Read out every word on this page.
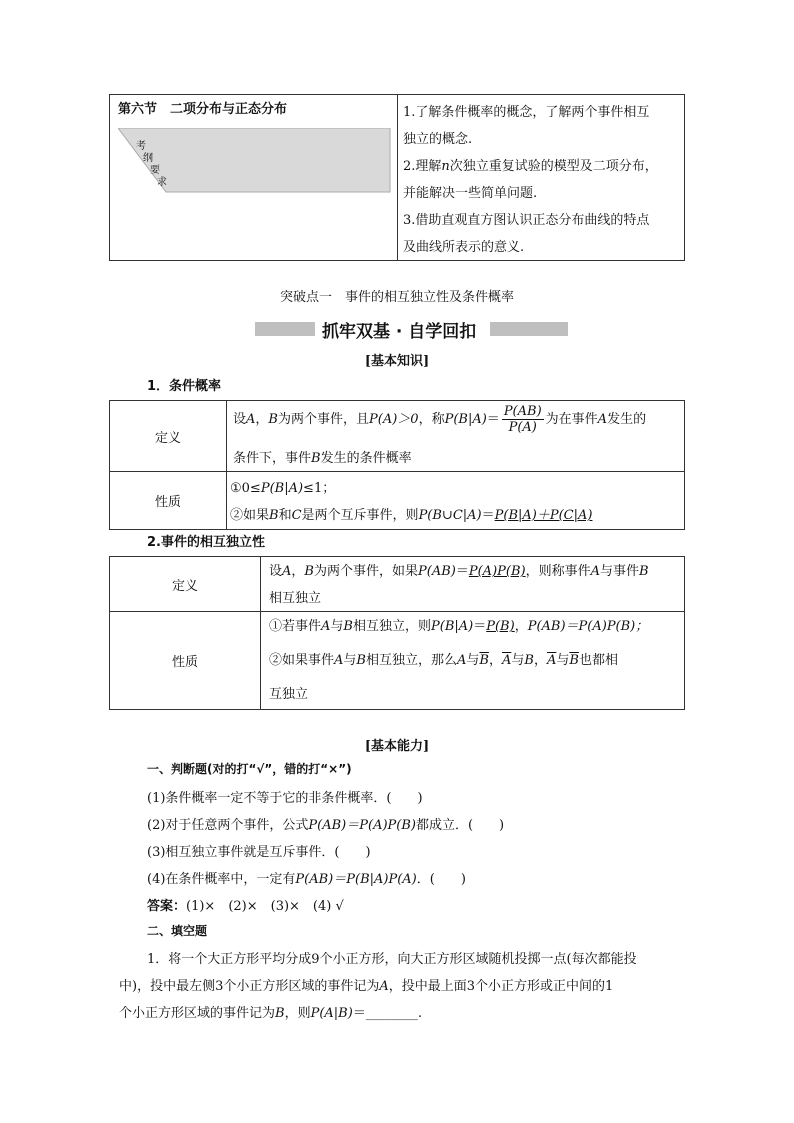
第六节　二项分布与正态分布
考
纲
要
求

1.了解条件概率的概念，了解两个事件相互
独立的概念.
2.理解n次独立重复试验的模型及二项分布，
并能解决一些简单问题.
3.借助直观直方图认识正态分布曲线的特点
及曲线所表示的意义.
突破点一　事件的相互独立性及条件概率
抓牢双基 · 自学回扣
[基本知识]
1．条件概率
定义	设A，B为两个事件，且P(A)＞0，称$P(B|A)= \frac{P(AB)}{P(A)}$ 为在事件A发生的
条件下，事件B发生的条件概率

性质	①0≤P(B|A)≤1；
②如果B和C是两个互斥事件，则P(B∪C|A)＝P(B|A)＋P(C|A)
2.事件的相互独立性
定义	设A，B为两个事件，如果P(AB)＝P(A)P(B)，则称事件A与事件B
相互独立

性质	①若事件A与B相互独立，则P(B|A)＝P(B)，P(AB)＝P(A)P(B)；
②如果事件A与B相互独立，那么A与$\overline{B}$，$\overline{A}$与B，$\overline{A}$与$\overline{B}$也都相
互独立
[基本能力]
一、判断题(对的打“√”，错的打“×”)
(1)条件概率一定不等于它的非条件概率．(　　)
(2)对于任意两个事件，公式P(AB)＝P(A)P(B)都成立．(　　)
(3)相互独立事件就是互斥事件．(　　)
(4)在条件概率中，一定有P(AB)＝P(B|A)P(A)．(　　)
答案：(1)×　(2)×　(3)×　(4) √
二、填空题
1．将一个大正方形平均分成9个小正方形，向大正方形区域随机投掷一点(每次都能投
中)，投中最左侧3个小正方形区域的事件记为A，投中最上面3个小正方形或正中间的1
个小正方形区域的事件记为B，则P(A|B)＝________.
